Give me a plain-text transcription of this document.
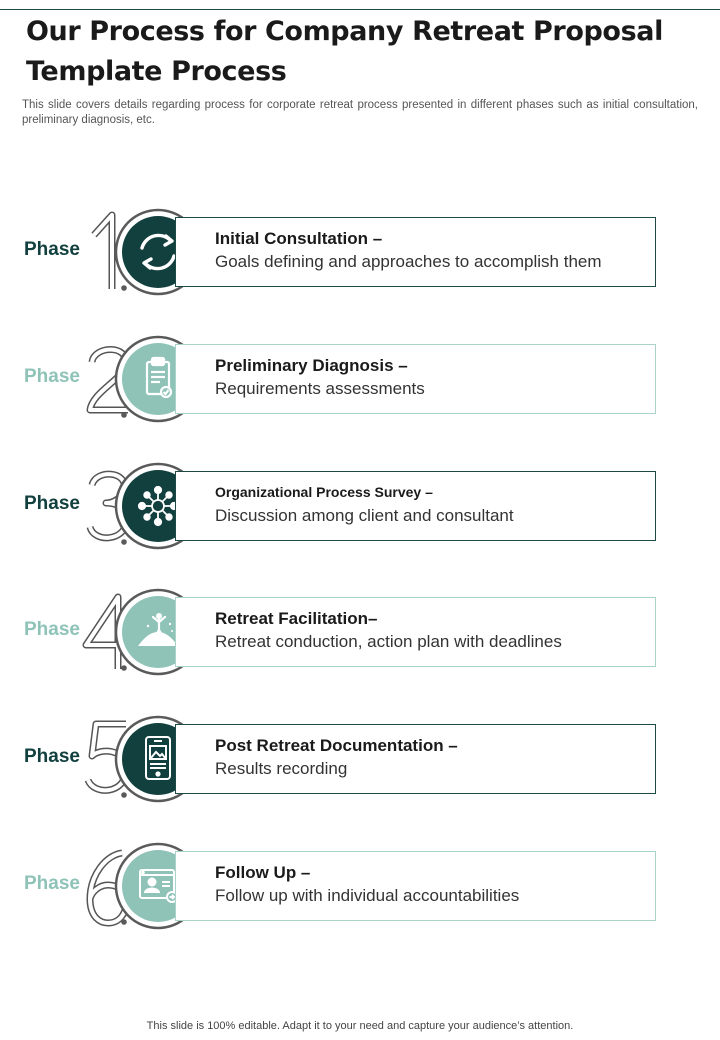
Our Process for Company Retreat Proposal Template Process

This slide covers details regarding process for corporate retreat process presented in different phases such as initial consultation, preliminary diagnosis, etc.

Phase
1
Initial Consultation –
Goals defining and approaches to accomplish them
Phase
2
Preliminary Diagnosis –
Requirements assessments
Phase
3
Organizational Process Survey –
Discussion among client and consultant
Phase
4
Retreat Facilitation–
Retreat conduction, action plan with deadlines
Phase
5
Post Retreat Documentation –
Results recording
Phase
6
Follow Up –
Follow up with individual accountabilities
This slide is 100% editable. Adapt it to your need and capture your audience’s attention.
